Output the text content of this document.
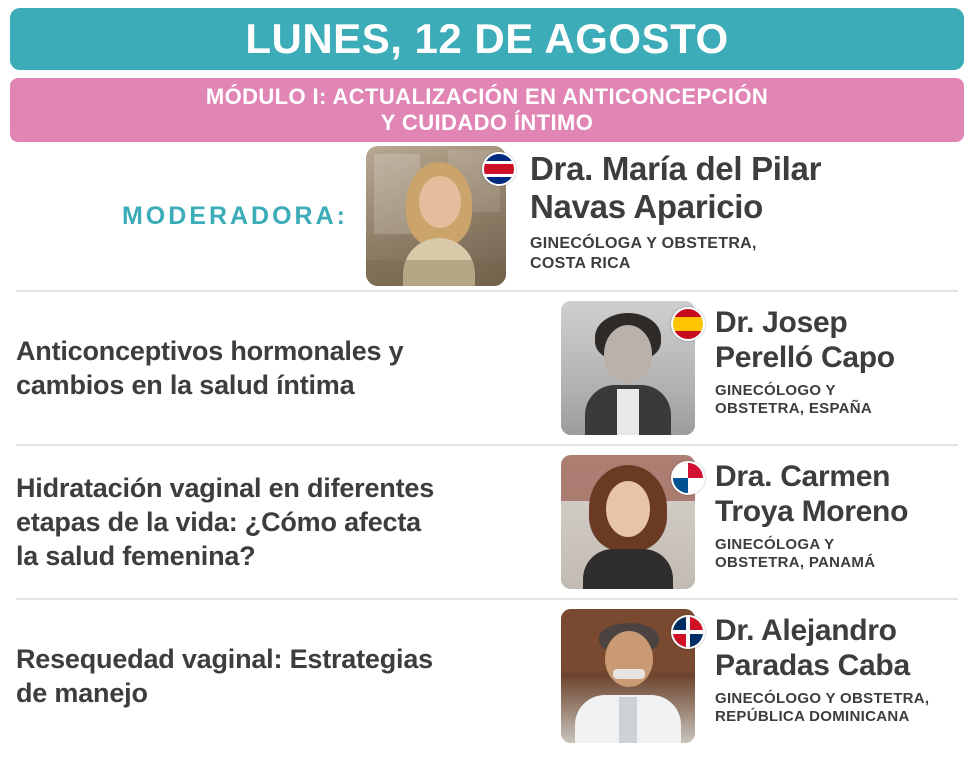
LUNES, 12 DE AGOSTO
MÓDULO I: ACTUALIZACIÓN EN ANTICONCEPCIÓN
Y CUIDADO ÍNTIMO
MODERADORA:
Dra. María del Pilar
Navas Aparicio
GINECÓLOGA Y OBSTETRA,
COSTA RICA
Anticonceptivos hormonales y
cambios en la salud íntima
Dr. Josep
Perelló Capo
GINECÓLOGO Y
OBSTETRA, ESPAÑA
Hidratación vaginal en diferentes
etapas de la vida: ¿Cómo afecta
la salud femenina?
Dra. Carmen
Troya Moreno
GINECÓLOGA Y
OBSTETRA, PANAMÁ
Resequedad vaginal: Estrategias
de manejo
Dr. Alejandro
Paradas Caba
GINECÓLOGO Y OBSTETRA,
REPÚBLICA DOMINICANA
